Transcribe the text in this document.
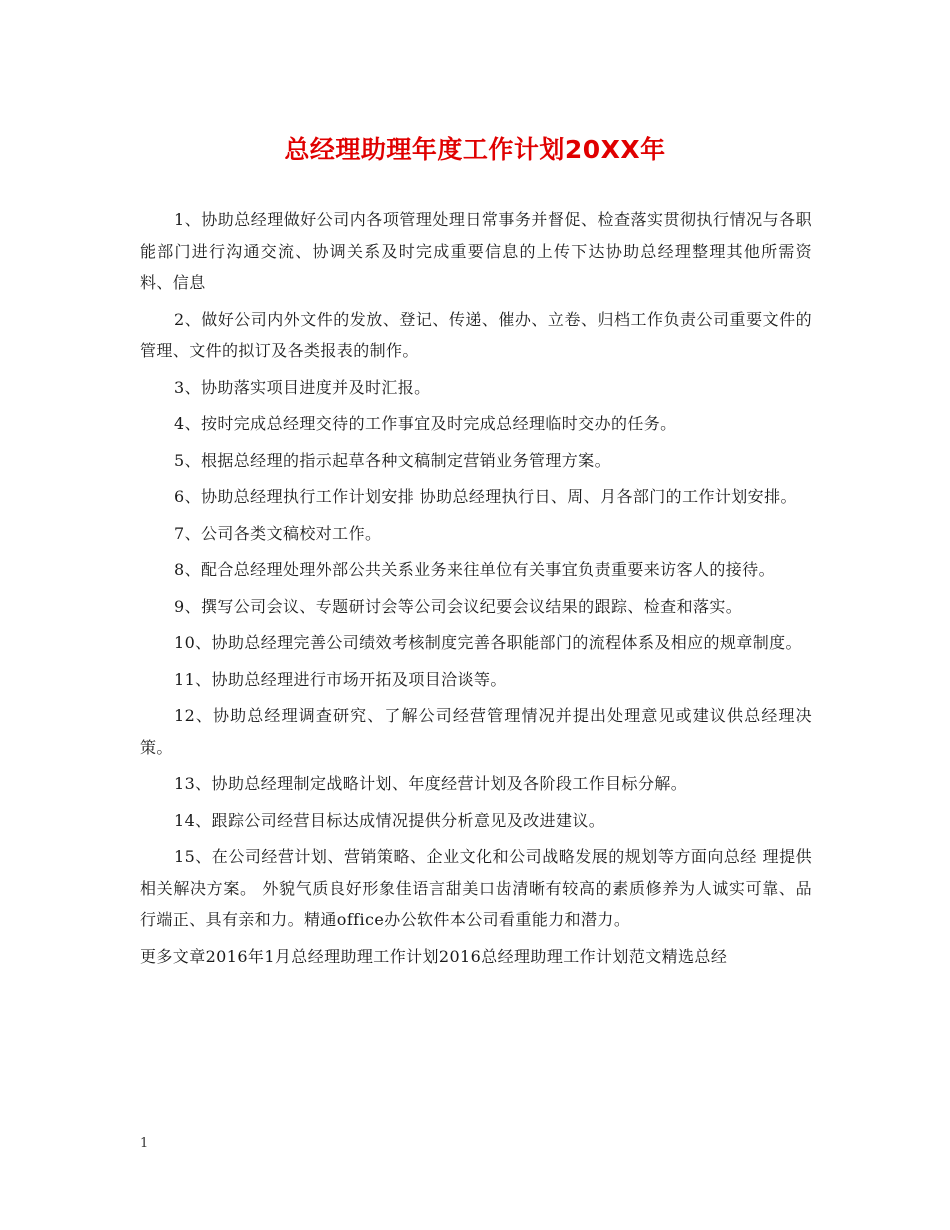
总经理助理年度工作计划20XX年

1、协助总经理做好公司内各项管理处理日常事务并督促、检查落实贯彻执行情况与各职能部门进行沟通交流、协调关系及时完成重要信息的上传下达协助总经理整理其他所需资料、信息

2、做好公司内外文件的发放、登记、传递、催办、立卷、归档工作负责公司重要文件的管理、文件的拟订及各类报表的制作。

3、协助落实项目进度并及时汇报。

4、按时完成总经理交待的工作事宜及时完成总经理临时交办的任务。

5、根据总经理的指示起草各种文稿制定营销业务管理方案。

6、协助总经理执行工作计划安排 协助总经理执行日、周、月各部门的工作计划安排。

7、公司各类文稿校对工作。

8、配合总经理处理外部公共关系业务来往单位有关事宜负责重要来访客人的接待。

9、撰写公司会议、专题研讨会等公司会议纪要会议结果的跟踪、检查和落实。

10、协助总经理完善公司绩效考核制度完善各职能部门的流程体系及相应的规章制度。

11、协助总经理进行市场开拓及项目洽谈等。

12、协助总经理调查研究、了解公司经营管理情况并提出处理意见或建议供总经理决策。

13、协助总经理制定战略计划、年度经营计划及各阶段工作目标分解。

14、跟踪公司经营目标达成情况提供分析意见及改进建议。

15、在公司经营计划、营销策略、企业文化和公司战略发展的规划等方面向总经 理提供相关解决方案。 外貌气质良好形象佳语言甜美口齿清晰有较高的素质修养为人诚实可靠、品行端正、具有亲和力。精通office办公软件本公司看重能力和潜力。

更多文章2016年1月总经理助理工作计划2016总经理助理工作计划范文精选总经

1
